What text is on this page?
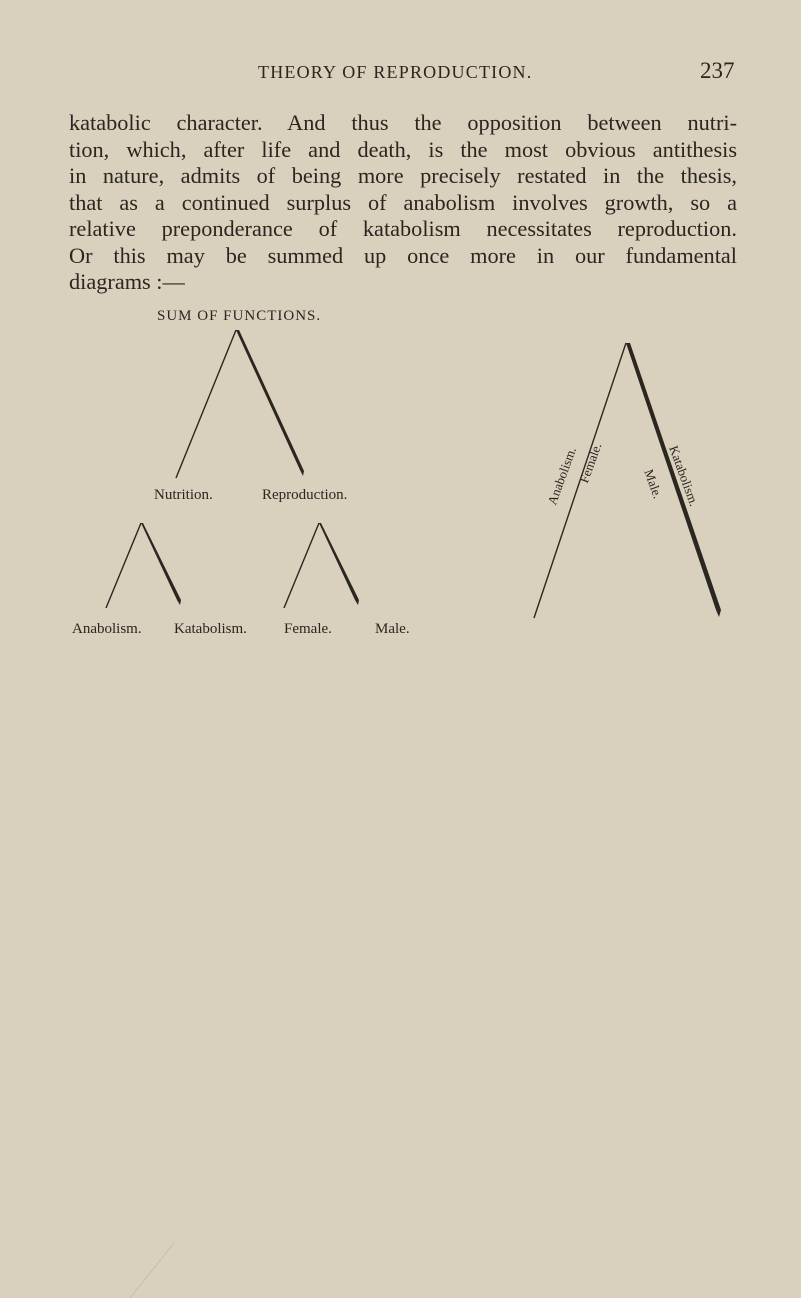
THEORY OF REPRODUCTION.	237
katabolic character. And thus the opposition between nutri-
tion, which, after life and death, is the most obvious antithesis
in nature, admits of being more precisely restated in the thesis,
that as a continued surplus of anabolism involves growth, so a
relative preponderance of katabolism necessitates reproduction.
Or this may be summed up once more in our fundamental
diagrams :—
SUM OF FUNCTIONS.
Nutrition.	Reproduction.
Anabolism. Katabolism. Female.	Male.
Anabolism.
Female.	Male. Katabolism.
